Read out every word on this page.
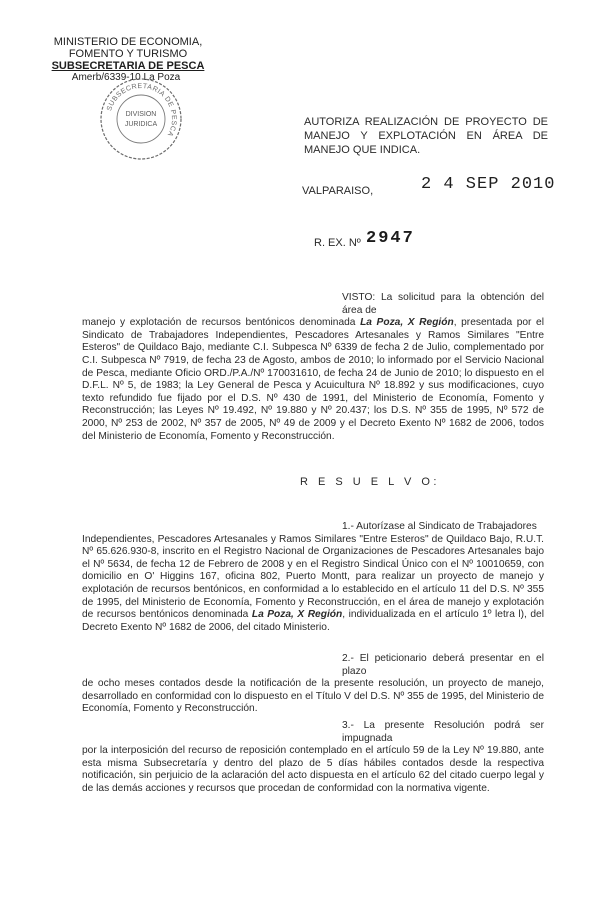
MINISTERIO DE ECONOMIA,
FOMENTO Y TURISMO
SUBSECRETARIA DE PESCA
Amerb/6339-10 La Poza
SUBSECRETARIA DE PESCA
DIVISION
JURIDICA	AUTORIZA REALIZACIÓN DE PROYECTO DE MANEJO Y EXPLOTACIÓN EN ÁREA DE MANEJO QUE INDICA.
VALPARAISO,	2 4 SEP 2010
R. EX. Nº 2947
VISTO: La solicitud para la obtención del área de
manejo y explotación de recursos bentónicos denominada La Poza, X Región, presentada por el Sindicato de Trabajadores Independientes, Pescadores Artesanales y Ramos Similares "Entre Esteros" de Quildaco Bajo, mediante C.I. Subpesca Nº 6339 de fecha 2 de Julio, complementado por C.I. Subpesca Nº 7919, de fecha 23 de Agosto, ambos de 2010; lo informado por el Servicio Nacional de Pesca, mediante Oficio ORD./P.A./Nº 170031610, de fecha 24 de Junio de 2010; lo dispuesto en el D.F.L. Nº 5, de 1983; la Ley General de Pesca y Acuicultura Nº 18.892 y sus modificaciones, cuyo texto refundido fue fijado por el D.S. Nº 430 de 1991, del Ministerio de Economía, Fomento y Reconstrucción; las Leyes Nº 19.492, Nº 19.880 y Nº 20.437; los D.S. Nº 355 de 1995, Nº 572 de 2000, Nº 253 de 2002, Nº 357 de 2005, Nº 49 de 2009 y el Decreto Exento Nº 1682 de 2006, todos del Ministerio de Economía, Fomento y Reconstrucción.
R E S U E L V O:
1.- Autorízase al Sindicato de Trabajadores
Independientes, Pescadores Artesanales y Ramos Similares "Entre Esteros" de Quildaco Bajo, R.U.T. Nº 65.626.930-8, inscrito en el Registro Nacional de Organizaciones de Pescadores Artesanales bajo el Nº 5634, de fecha 12 de Febrero de 2008 y en el Registro Sindical Único con el Nº 10010659, con domicilio en O' Higgins 167, oficina 802, Puerto Montt, para realizar un proyecto de manejo y explotación de recursos bentónicos, en conformidad a lo establecido en el artículo 11 del D.S. Nº 355 de 1995, del Ministerio de Economía, Fomento y Reconstrucción, en el área de manejo y explotación de recursos bentónicos denominada La Poza, X Región, individualizada en el artículo 1º letra l), del Decreto Exento Nº 1682 de 2006, del citado Ministerio.
2.- El peticionario deberá presentar en el plazo
de ocho meses contados desde la notificación de la presente resolución, un proyecto de manejo, desarrollado en conformidad con lo dispuesto en el Título V del D.S. Nº 355 de 1995, del Ministerio de Economía, Fomento y Reconstrucción.
3.- La presente Resolución podrá ser impugnada
por la interposición del recurso de reposición contemplado en el artículo 59 de la Ley Nº 19.880, ante esta misma Subsecretaría y dentro del plazo de 5 días hábiles contados desde la respectiva notificación, sin perjuicio de la aclaración del acto dispuesta en el artículo 62 del citado cuerpo legal y de las demás acciones y recursos que procedan de conformidad con la normativa vigente.
